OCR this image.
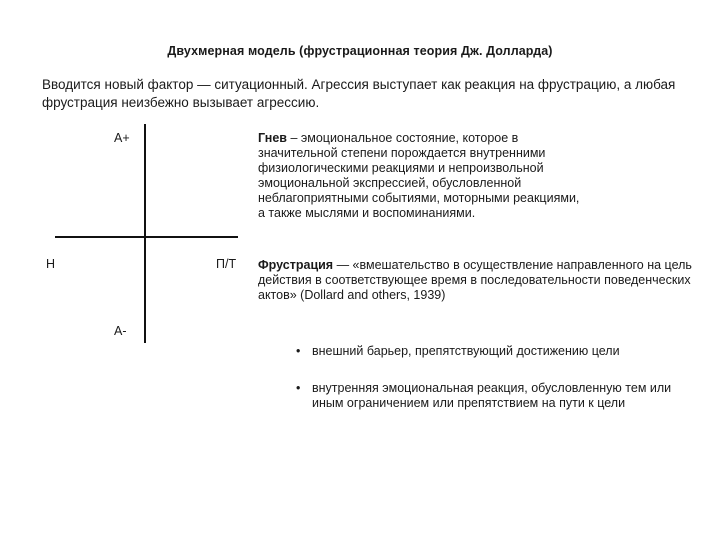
Двухмерная модель (фрустрационная теория Дж. Долларда)
Вводится новый фактор — ситуационный. Агрессия выступает как реакция на фрустрацию, а любая фрустрация неизбежно вызывает агрессию.
А+
А-
Н	П/Т
Гнев – эмоциональное состояние, которое в значительной степени порождается внутренними физиологическими реакциями и непроизвольной эмоциональной экспрессией, обусловленной неблагоприятными событиями, моторными реакциями, а также мыслями и воспоминаниями.
Фрустрация — «вмешательство в осуществление направленного на цель действия в соответствующее время в последовательности поведенческих актов» (Dollard and others, 1939)
• внешний барьер, препятствующий достижению цели
• внутренняя эмоциональная реакция, обусловленную тем или иным ограничением или препятствием на пути к цели
